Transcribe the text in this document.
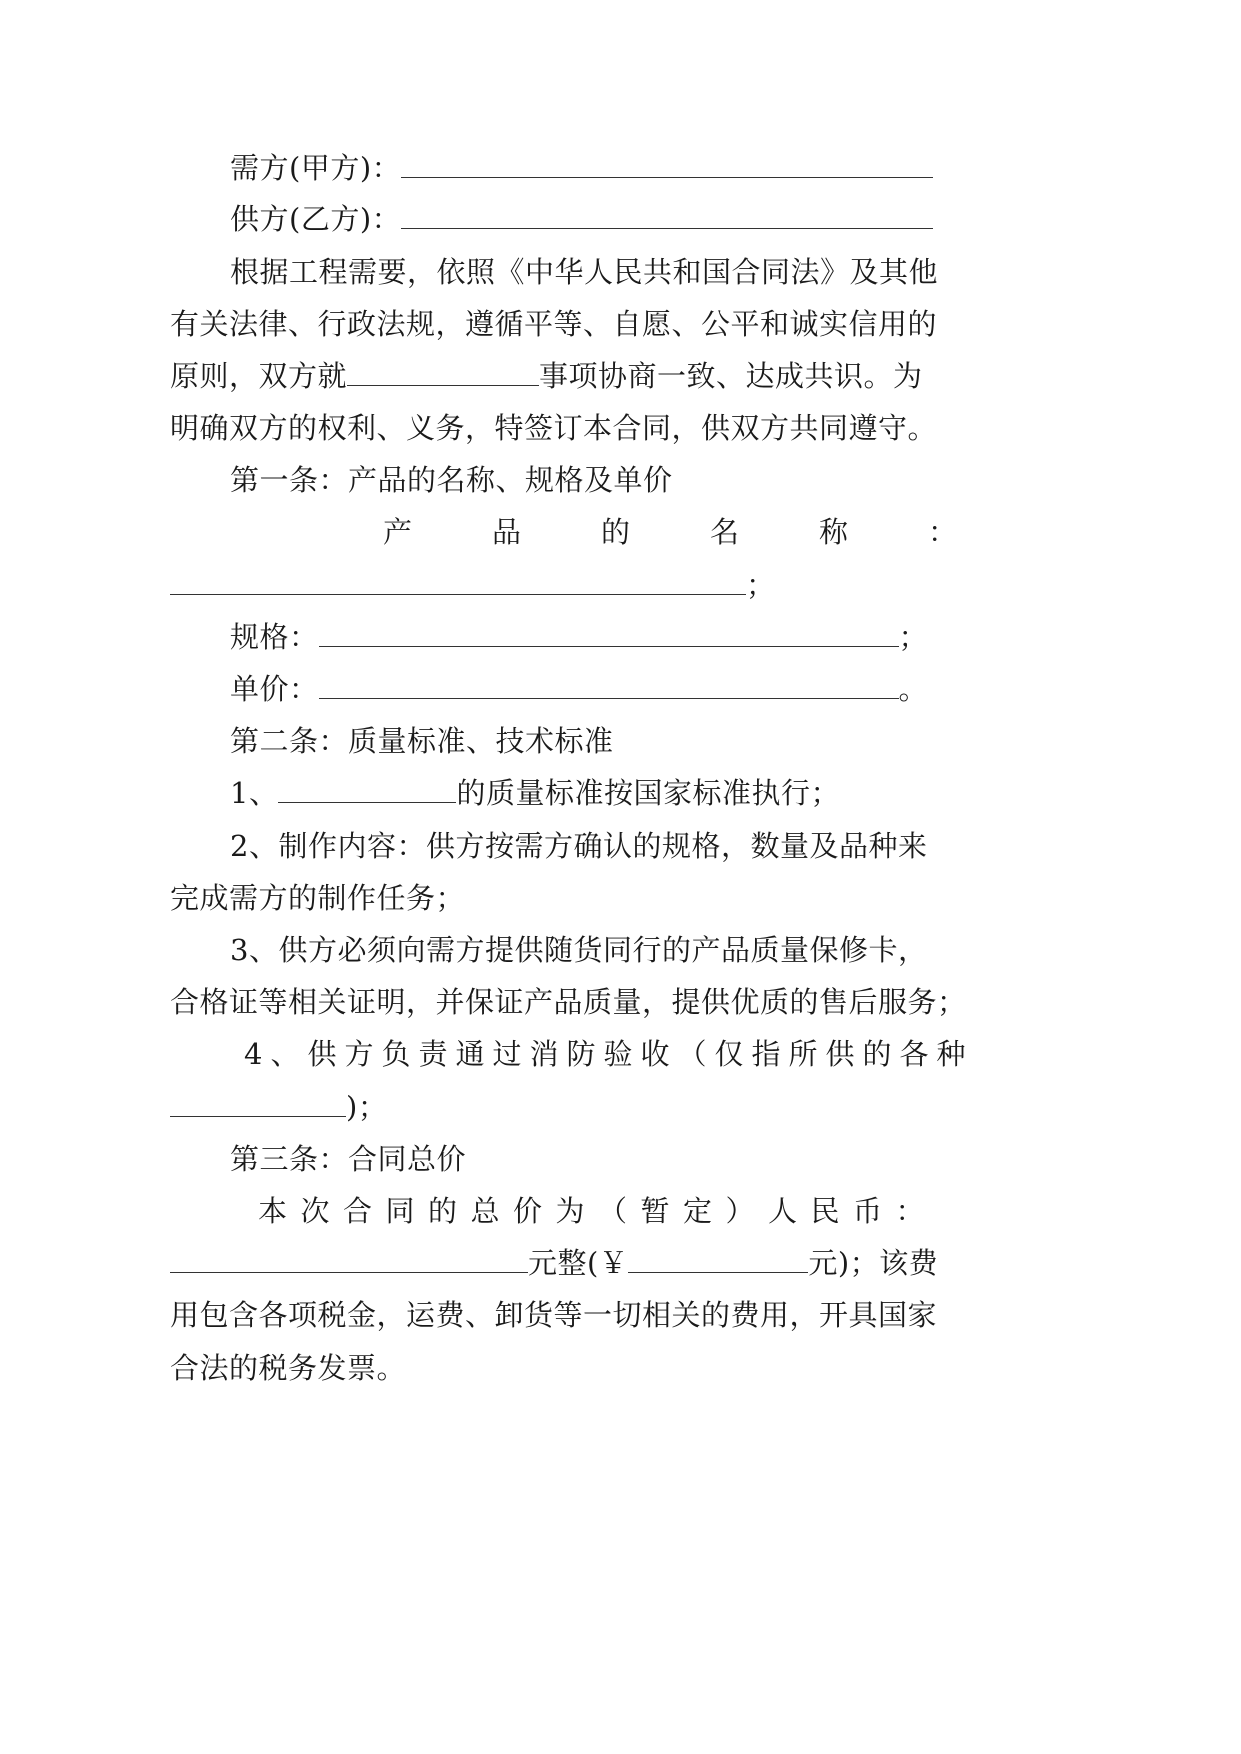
需方(甲方)：
供方(乙方)：
根据工程需要，依照《中华人民共和国合同法》及其他
有关法律、行政法规，遵循平等、自愿、公平和诚实信用的
原则，双方就	事项协商一致、达成共识。为
明确双方的权利、义务，特签订本合同，供双方共同遵守。
第一条：产品的名称、规格及单价
产品的名称：
；
规格：	；
单价：	。
第二条：质量标准、技术标准
1、	的质量标准按国家标准执行；
2、制作内容：供方按需方确认的规格，数量及品种来
完成需方的制作任务；
3、供方必须向需方提供随货同行的产品质量保修卡，
合格证等相关证明，并保证产品质量，提供优质的售后服务；
4、供方负责通过消防验收（仅指所供的各种
)；
第三条：合同总价
本次合同的总价为（暂定）人民币：
元整(￥	元)；该费
用包含各项税金，运费、卸货等一切相关的费用，开具国家
合法的税务发票。
